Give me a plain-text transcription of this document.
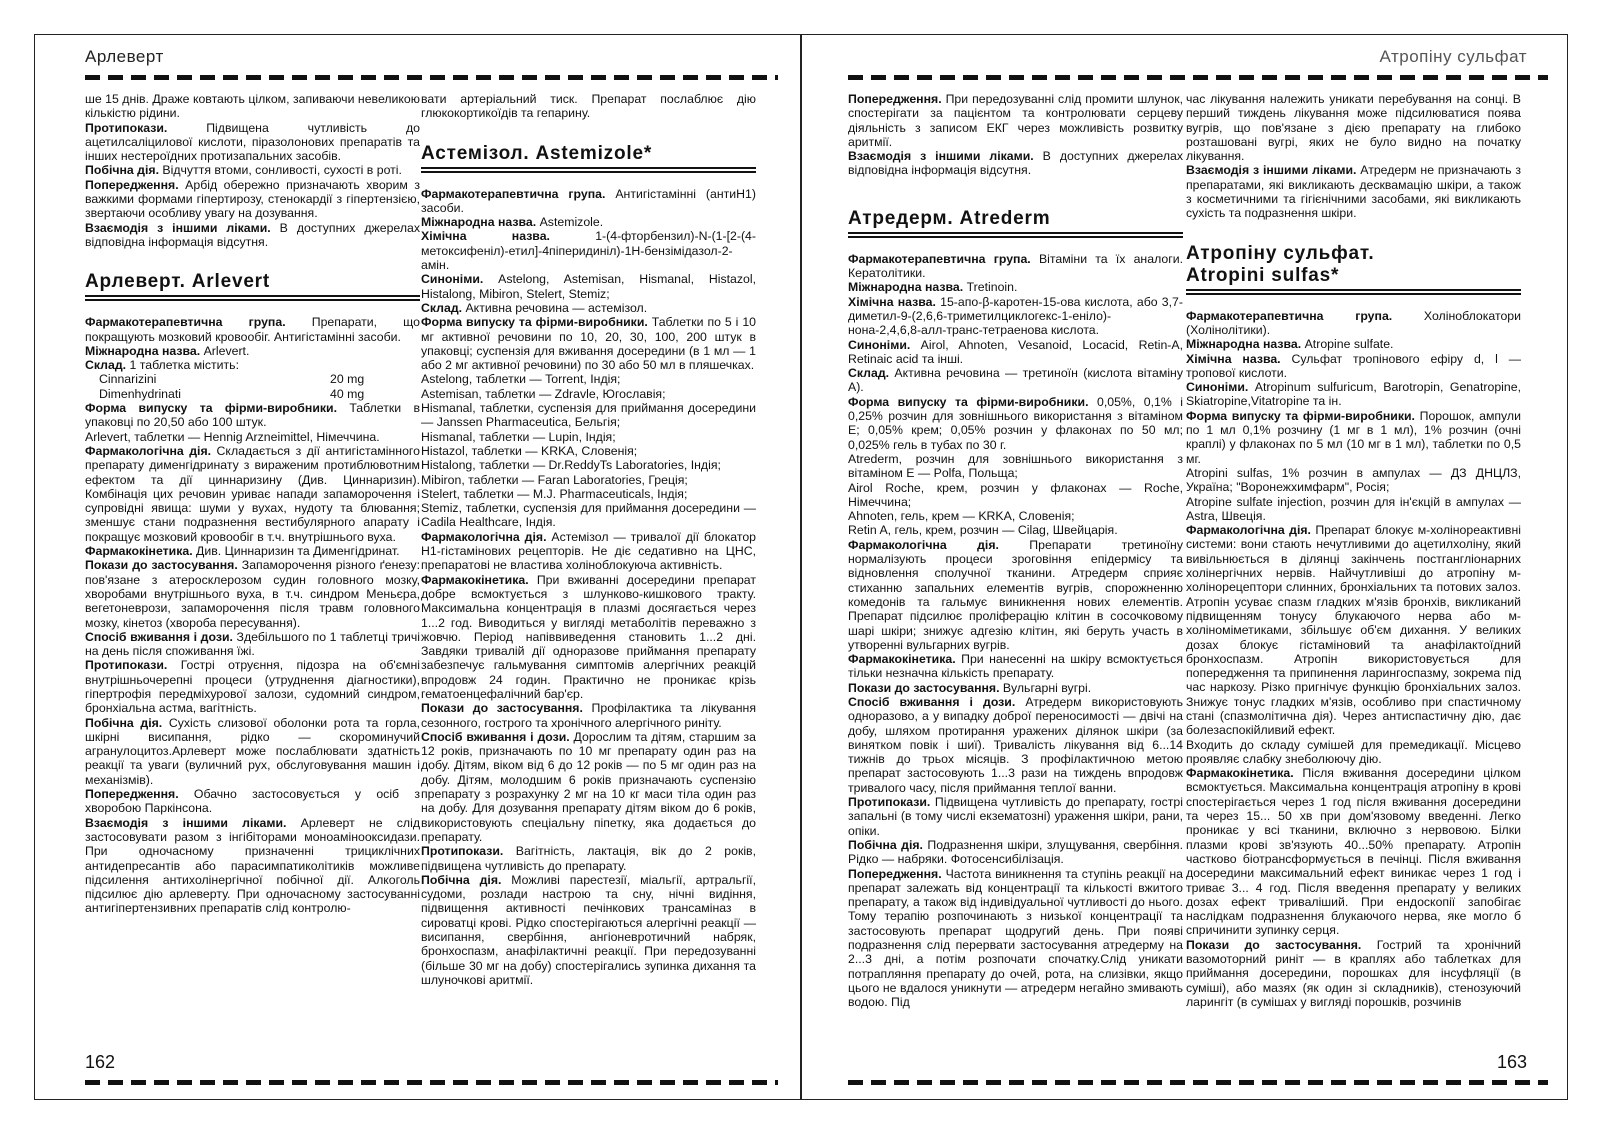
Арлеверт

ше 15 днів. Драже ковтають цілком, запиваючи невеликою кількістю рідини.

Протипокази. Підвищена чутливість до ацетилсаліцилової кислоти, піразолонових препаратів та інших нестероїдних протизапальних засобів.

Побічна дія. Відчуття втоми, сонливості, сухості в роті.

Попередження. Арбід обережно призначають хворим з важкими формами гіпертирозу, стенокардії з гіпертензією, звертаючи особливу увагу на дозування.

Взаємодія з іншими ліками. В доступних джерелах відповідна інформація відсутня.

Арлеверт. Arlevert

Фармакотерапевтична група. Препарати, що покращують мозковий кровообіг. Антигістамінні засоби.

Міжнародна назва. Arlevert.

Склад. 1 таблетка містить:

Cinnarizini	20 mg
Dimenhydrinati	40 mg

Форма випуску та фірми-виробники. Таблетки в упаковці по 20,50 або 100 штук.

Arlevert, таблетки — Hennig Arzneimittel, Німеччина.

Фармакологічна дія. Складається з дії антигістамінного препарату дименгідринату з вираженим протиблювотним ефектом та дії циннаризину (Див. Циннаризин). Комбінація цих речовин уриває напади запаморочення і супровідні явища: шуми у вухах, нудоту та блювання; зменшує стани подразнення вестибулярного апарату і покращує мозковий кровообіг в т.ч. внутрішнього вуха.

Фармакокінетика. Див. Циннаризин та Дименгідринат.

Покази до застосування. Запаморочення різного ґенезу: пов'язане з атеросклерозом судин головного мозку, хворобами внутрішнього вуха, в т.ч. синдром Меньєра, вегетоневрози, запаморочення після травм головного мозку, кінетоз (хвороба пересування).

Спосіб вживання і дози. Здебільшого по 1 таблетці тричі на день після споживання їжі.

Протипокази. Гострі отруєння, підозра на об'ємні внутрішньочерепні процеси (утруднення діагностики), гіпертрофія передміхурової залози, судомний синдром, бронхіальна астма, вагітність.

Побічна дія. Сухість слизової оболонки рота та горла, шкірні висипання, рідко — скороминучий агранулоцитоз.Арлеверт може послаблювати здатність реакції та уваги (вуличний рух, обслуговування машин і механізмів).

Попередження. Обачно застосовується у осіб з хворобою Паркінсона.

Взаємодія з іншими ліками. Арлеверт не слід застосовувати разом з інгібіторами моноамінооксидази. При одночасному призначенні трициклічних антидепресантів або парасимпатиколітиків можливе підсилення антихолінергічної побічної дії. Алкоголь підсилює дію арлеверту. При одночасному застосуванні антигіпертензивних препаратів слід контролю-

вати артеріальний тиск. Препарат послаблює дію глюкокортикоїдів та гепарину.

Астемізол. Astemizole*

Фармакотерапевтична група. Антигістамінні (антиH1) засоби.

Міжнародна назва. Astemizole.

Хімічна назва. 1-(4-фторбензил)-N-(1-[2-(4-метоксифеніл)-етил]-4піперидиніл)-1Н-бензімідазол-2-амін.

Синоніми. Astelong, Astemisan, Hismanal, Histazol, Histalong, Mibiron, Stelert, Stemiz;

Склад. Активна речовина — астемізол.

Форма випуску та фірми-виробники. Таблетки по 5 і 10 мг активної речовини по 10, 20, 30, 100, 200 штук в упаковці; суспензія для вживання досередини (в 1 мл — 1 або 2 мг активної речовини) по 30 або 50 мл в пляшечках.

Astelong, таблетки — Torrent, Індія;

Astemisan, таблетки — Zdravle, Югославія;

Hismanal, таблетки, суспензія для приймання досередини — Janssen Pharmaceutica, Бельгія;

Hismanal, таблетки — Lupin, Індія;

Histazol, таблетки — KRKA, Словенія;

Histalong, таблетки — Dr.ReddyTs Laboratories, Індія;

Mibiron, таблетки — Faran Laboratories, Греція;

Stelert, таблетки — M.J. Pharmaceuticals, Індія;

Stemiz, таблетки, суспензія для приймання досередини — Cadila Healthcare, Індія.

Фармакологічна дія. Астемізол — тривалої дії блокатор H1-гістамінових рецепторів. Не діє седативно на ЦНС, препаратові не властива холіноблокуюча активність.

Фармакокінетика. При вживанні досередини препарат добре всмоктується з шлунково-кишкового тракту. Максимальна концентрація в плазмі досягається через 1...2 год. Виводиться у вигляді метаболітів переважно з жовчю. Період напіввиведення становить 1...2 дні. Завдяки тривалій дії одноразове приймання препарату забезпечує гальмування симптомів алергічних реакцій впродовж 24 годин. Практично не проникає крізь гематоенцефалічний бар'єр.

Покази до застосування. Профілактика та лікування сезонного, гострого та хронічного алергічного риніту.

Спосіб вживання і дози. Дорослим та дітям, старшим за 12 років, призначають по 10 мг препарату один раз на добу. Дітям, віком від 6 до 12 років — по 5 мг один раз на добу. Дітям, молодшим 6 років призначають суспензію препарату з розрахунку 2 мг на 10 кг маси тіла один раз на добу. Для дозування препарату дітям віком до 6 років, використовують спеціальну піпетку, яка додається до препарату.

Протипокази. Вагітність, лактація, вік до 2 років, підвищена чутливість до препарату.

Побічна дія. Можливі парестезії, міальгії, артральгії, судоми, розлади настрою та сну, нічні видіння, підвищення активності печінкових трансаміназ в сироватці крові. Рідко спостерігаються алергічні реакції — висипання, свербіння, ангіоневротичний набряк, бронхоспазм, анафілактичні реакції. При передозуванні (більше 30 мг на добу) спостерігались зупинка дихання та шлуночкові аритмії.

162
Атропіну сульфат

Попередження. При передозуванні слід промити шлунок, спостерігати за пацієнтом та контролювати серцеву діяльність з записом ЕКГ через можливість розвитку аритмії.

Взаємодія з іншими ліками. В доступних джерелах відповідна інформація відсутня.

Атредерм. Atrederm

Фармакотерапевтична група. Вітаміни та їх аналоги. Кератолітики.

Міжнародна назва. Tretinoin.

Хімічна назва. 15-апо-β-каротен-15-ова кислота, або 3,7-диметил-9-(2,6,6-триметилциклогекс-1-еніло)-нона-2,4,6,8-алл-транс-тетраенова кислота.

Синоніми. Airol, Ahnoten, Vesanoid, Locacid, Retin-A, Retinaic acid та інші.

Склад. Активна речовина — третиноїн (кислота вітаміну А).

Форма випуску та фірми-виробники. 0,05%, 0,1% і 0,25% розчин для зовнішнього використання з вітаміном Е; 0,05% крем; 0,05% розчин у флаконах по 50 мл; 0,025% гель в тубах по 30 г.

Atrederm, розчин для зовнішнього використання з вітаміном Е — Polfa, Польща;

Airol Roche, крем, розчин у флаконах — Roche, Німеччина;

Ahnoten, гель, крем — KRKA, Словенія;

Retin A, гель, крем, розчин — Cilag, Швейцарія.

Фармакологічна дія. Препарати третиноїну нормалізують процеси зроговіння епідермісу та відновлення сполучної тканини. Атредерм сприяє стиханню запальних елементів вугрів, спорожненню комедонів та гальмує виникнення нових елементів. Препарат підсилює проліферацію клітин в сосочковому шарі шкіри; знижує адгезію клітин, які беруть участь в утворенні вульгарних вугрів.

Фармакокінетика. При нанесенні на шкіру всмоктується тільки незначна кількість препарату.

Покази до застосування. Вульгарні вугрі.

Спосіб вживання і дози. Атредерм використовують одноразово, а у випадку доброї переносимості — двічі на добу, шляхом протирання уражених ділянок шкіри (за винятком повік і шиї). Тривалість лікування від 6...14 тижнів до трьох місяців. З профілактичною метою препарат застосовують 1...3 рази на тиждень впродовж тривалого часу, після приймання теплої ванни.

Протипокази. Підвищена чутливість до препарату, гострі запальні (в тому числі екзематозні) ураження шкіри, рани, опіки.

Побічна дія. Подразнення шкіри, злущування, свербіння. Рідко — набряки. Фотосенсибілізація.

Попередження. Частота виникнення та ступінь реакції на препарат залежать від концентрації та кількості вжитого препарату, а також від індивідуальної чутливості до нього. Тому терапію розпочинають з низької концентрації та застосовують препарат щодругий день. При появі подразнення слід перервати застосування атредерму на 2...3 дні, а потім розпочати спочатку.Слід уникати потрапляння препарату до очей, рота, на слизівки, якщо цього не вдалося уникнути — атредерм негайно змивають водою. Під

час лікування належить уникати перебування на сонці. В перший тиждень лікування може підсилюватися поява вугрів, що пов'язане з дією препарату на глибоко розташовані вугрі, яких не було видно на початку лікування.

Взаємодія з іншими ліками. Атредерм не призначають з препаратами, які викликають десквамацію шкіри, а також з косметичними та гігієнічними засобами, які викликають сухість та подразнення шкіри.

Атропіну сульфат.
Atropini sulfas*

Фармакотерапевтична група. Холіноблокатори (Холінолітики).

Міжнародна назва. Atropine sulfate.

Хімічна назва. Сульфат тропінового ефіру d, l — тропової кислоти.

Синоніми. Atropinum sulfuricum, Barotropin, Genatropine, Skiatropine,Vitatropine та ін.

Форма випуску та фірми-виробники. Порошок, ампули по 1 мл 0,1% розчину (1 мг в 1 мл), 1% розчин (очні краплі) у флаконах по 5 мл (10 мг в 1 мл), таблетки по 0,5 мг.

Atropini sulfas, 1% розчин в ампулах — ДЗ ДНЦЛЗ, Україна; "Воронежхимфарм", Росія;

Atropine sulfate injection, розчин для ін'єкцій в ампулах — Astra, Швеція.

Фармакологічна дія. Препарат блокує м-холінореактивні системи: вони стають нечутливими до ацетилхоліну, який вивільнюється в ділянці закінчень постгангліонарних холінергічних нервів. Найчутливіші до атропіну м-холінорецептори слинних, бронхіальних та потових залоз. Атропін усуває спазм гладких м'язів бронхів, викликаний підвищенням тонусу блукаючого нерва або м-холіноміметиками, збільшує об'єм дихання. У великих дозах блокує гістаміновий та анафілактоїдний бронхоспазм. Атропін використовується для попередження та припинення ларингоспазму, зокрема під час наркозу. Різко пригнічує функцію бронхіальних залоз. Знижує тонус гладких м'язів, особливо при спастичному стані (спазмолітична дія). Через антиспастичну дію, дає болезаспокійливий ефект.

Входить до складу сумішей для премедикації. Місцево проявляє слабку знеболюючу дію.

Фармакокінетика. Після вживання досередини цілком всмоктується. Максимальна концентрація атропіну в крові спостерігається через 1 год після вживання досередини та через 15... 50 хв при дом'язовому введенні. Легко проникає у всі тканини, включно з нервовою. Білки плазми крові зв'язують 40...50% препарату. Атропін частково біотрансформується в печінці. Після вживання досередини максимальний ефект виникає через 1 год і триває 3... 4 год. Після введення препарату у великих дозах ефект триваліший. При ендоскопії запобігає наслідкам подразнення блукаючого нерва, яке могло б спричинити зупинку серця.

Покази до застосування. Гострий та хронічний вазомоторний риніт — в краплях або таблетках для приймання досередини, порошках для інсуфляції (в суміші), або мазях (як один зі складників), стенозуючий ларингіт (в сумішах у вигляді порошків, розчинів

163
